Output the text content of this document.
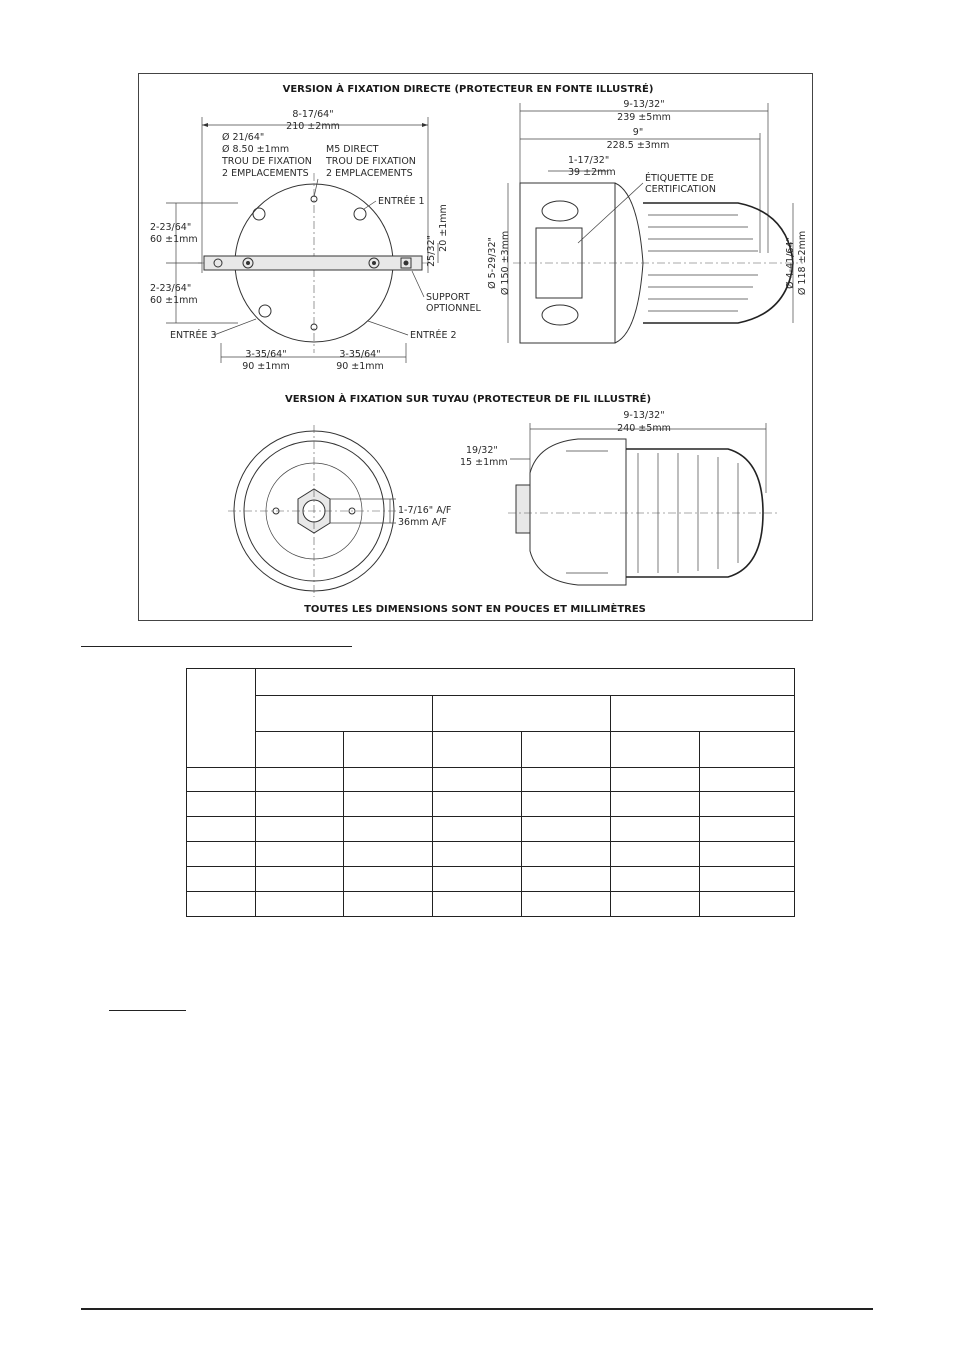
VERSION À FIXATION DIRECTE (PROTECTEUR EN FONTE ILLUSTRÉ)
VERSION À FIXATION SUR TUYAU (PROTECTEUR DE FIL ILLUSTRÉ)
TOUTES LES DIMENSIONS SONT EN POUCES ET MILLIMÈTRES
8-17/64"
210 ±2mm
Ø 21/64"
Ø 8.50 ±1mm
TROU DE FIXATION
2 EMPLACEMENTS
M5 DIRECT
TROU DE FIXATION
2 EMPLACEMENTS
ENTRÉE 1
ENTRÉE 2
ENTRÉE 3
2-23/64"
60 ±1mm
2-23/64"
60 ±1mm
25/32" 20 ±1mm
SUPPORT
OPTIONNEL
3-35/64"
90 ±1mm
3-35/64"
90 ±1mm
9-13/32"
239 ±5mm
9"
228.5 ±3mm
1-17/32"
39 ±2mm
ÉTIQUETTE DE
CERTIFICATION
Ø 5-29/32" Ø 150 ±3mm	Ø 4-41/64" Ø 118 ±2mm
1-7/16" A/F
36mm A/F
9-13/32"
240 ±5mm
19/32"
15 ±1mm
